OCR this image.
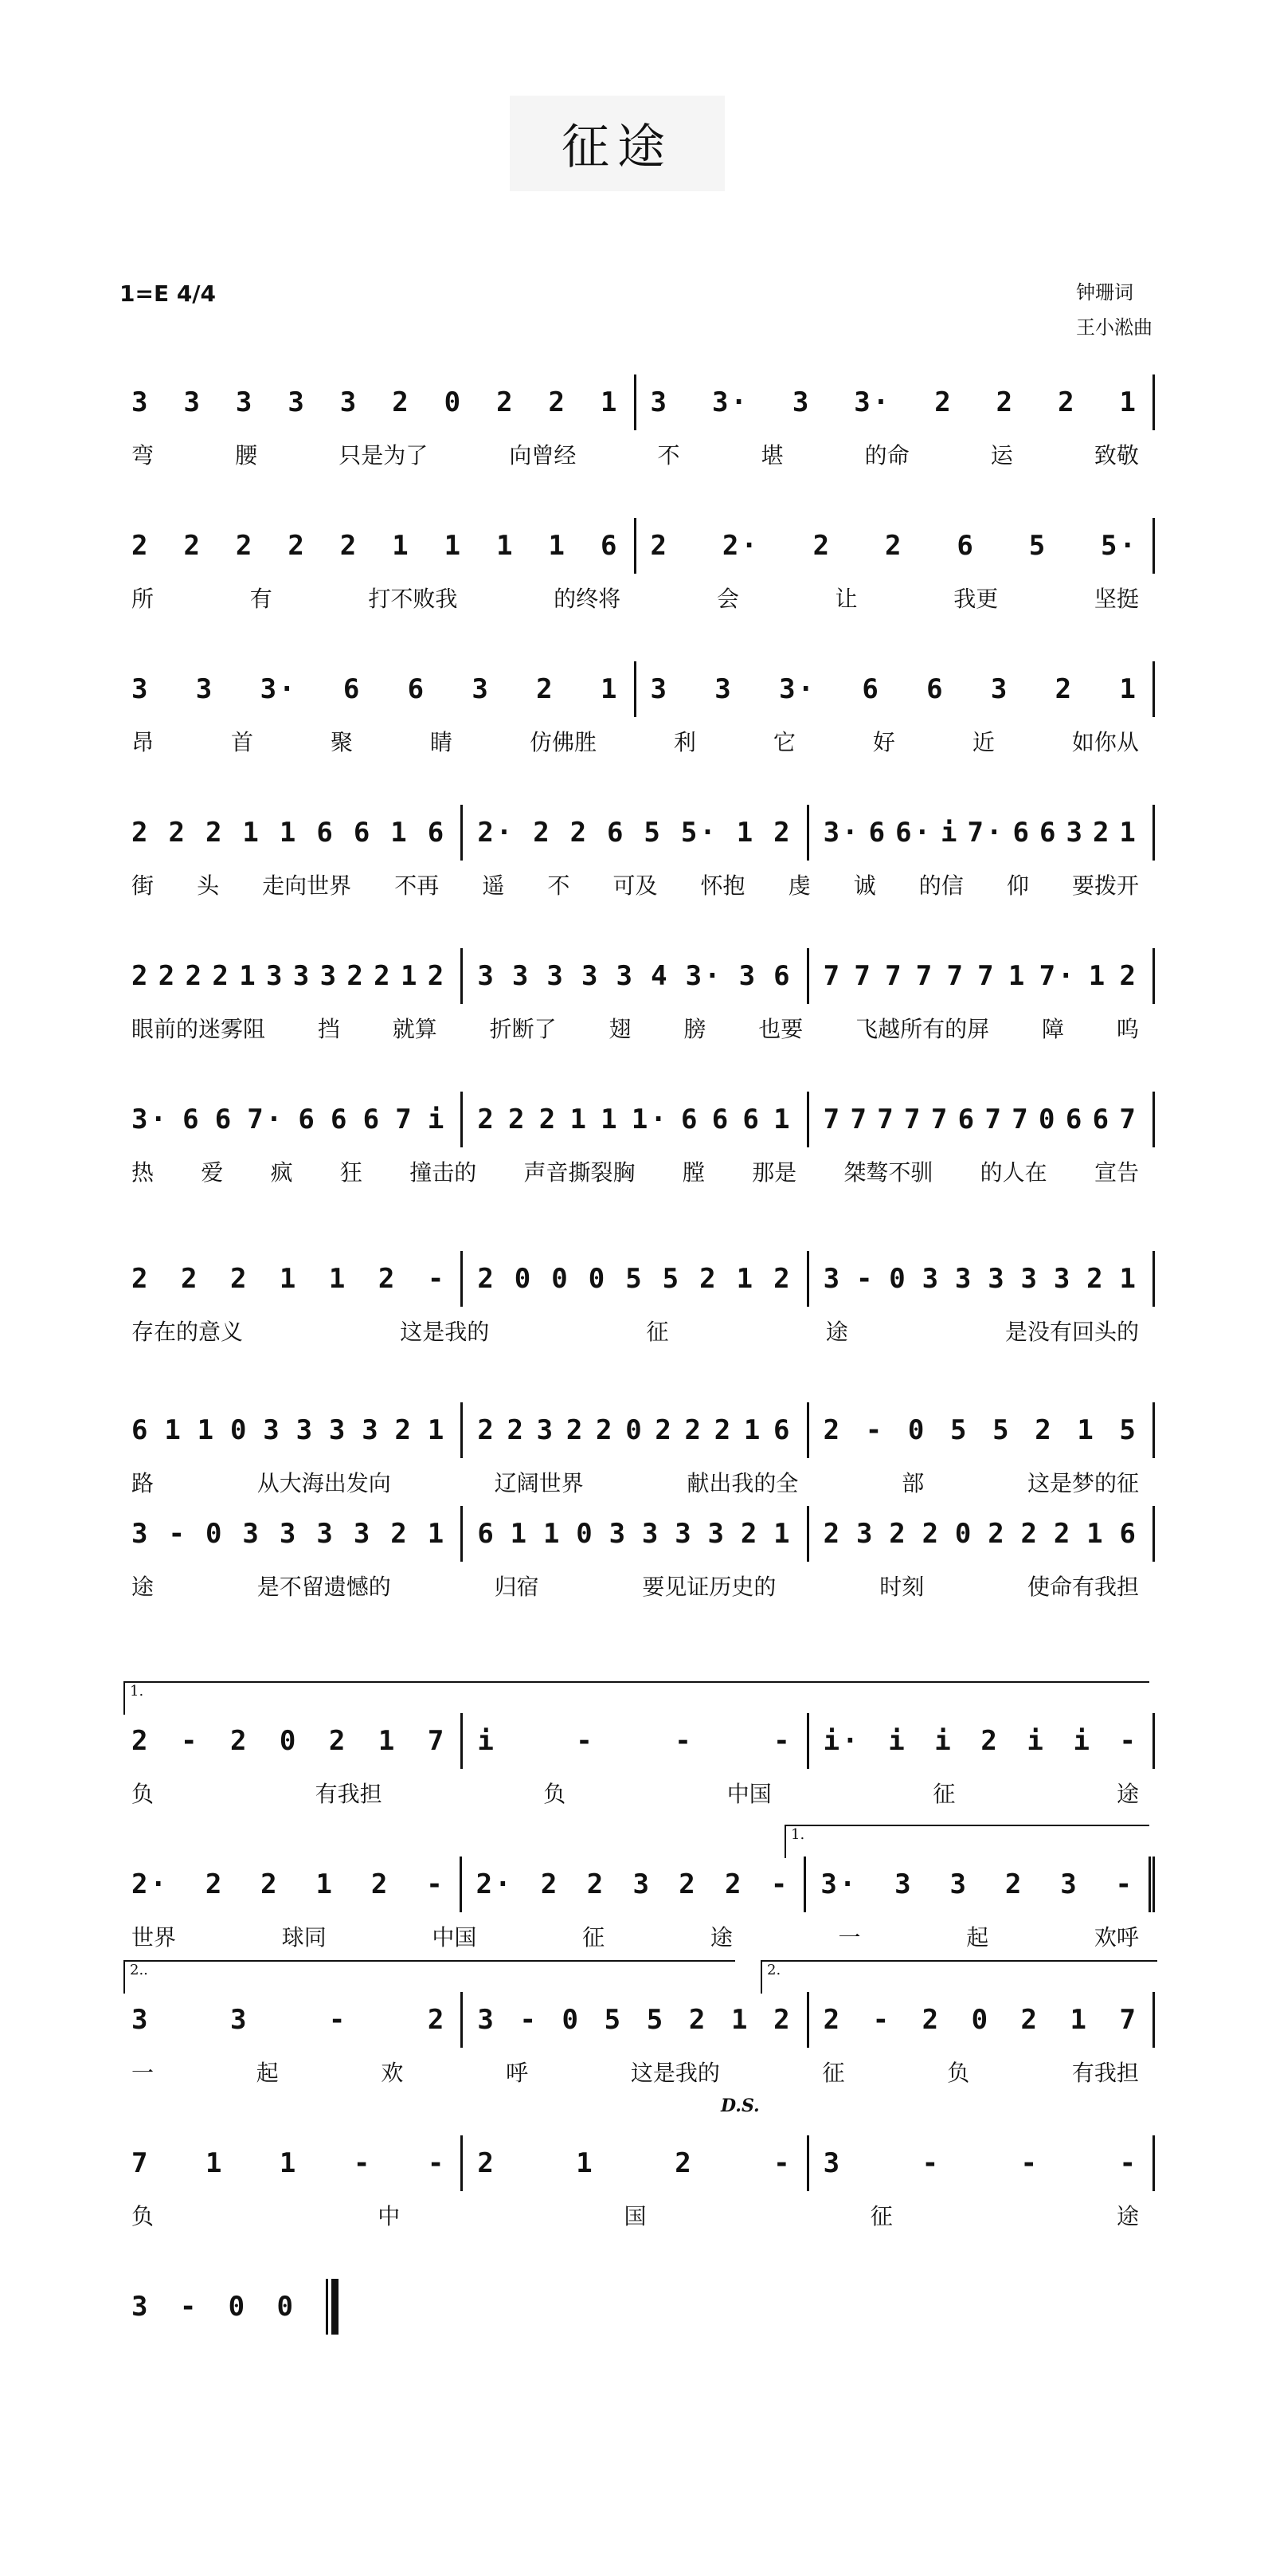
征途
1=E 4/4	钟珊词
王小淞曲
3 3 3 3 3 2 0 2 2 1 3 3· 3 3· 2 2 2 1
弯	腰	只是为了	向曾经	不	堪	的命	运	致敬
2 2 2 2 2 1 1 1 1 6 2 2· 2 2 6 5 5·
所	有	打不败我	的终将	会	让	我更	坚挺
3 3 3· 6 6 3 2 1 3 3 3· 6 6 3 2 1
昂	首	聚	睛	仿佛胜	利	它	好	近	如你从
2 2 2 1 1 6 6 1 6 2· 2 2 6 5 5· 1 2 3· 6 6· i 7· 6 6 3 2 1
街 头 走向世界 不再 遥 不 可及 怀抱 虔 诚 的信 仰 要拨开
2 2 2 2 1 3 3 3 2 2 1 2 3 3 3 3 3 4 3· 3 6 7 7 7 7 7 7 1 7· 1 2
眼前的迷雾阻 挡 就算 折断了 翅 膀 也要 飞越所有的屏 障 呜
3· 6 6 7· 6 6 6 7 i 2 2 2 1 1 1· 6 6 6 1 7 7 7 7 7 6 7 7 0 6 6 7
热 爱 疯 狂 撞击的 声音撕裂胸 膛 那是 桀骜不驯 的人在 宣告
2 2 2 1 1 2 - 2 0 0 0 5 5 2 1 2 3 - 0 3 3 3 3 3 2 1
存在的意义	这是我的	征	途	是没有回头的
6 1 1 0 3 3 3 3 2 1 2 2 3 2 2 0 2 2 2 1 6 2 - 0 5 5 2 1 5
路	从大海出发向	辽阔世界	献出我的全	部	这是梦的征
3 - 0 3 3 3 3 2 1 6 1 1 0 3 3 3 3 2 1 2 3 2 2 0 2 2 2 1 6
途	是不留遗憾的	归宿	要见证历史的	时刻	使命有我担
1.
2 - 2 0 2 1 7 i	-	-	- i· i i 2 i i -
负	有我担	负	中国	征	途
1.
2· 2 2 1 2 - 2· 2 2 3 2 2 - 3· 3 3 2 3 -
世界	球同	中国	征	途	一	起	欢呼
2..	2.
3	3	-	2 3 - 0 5 5 2 1 2 2 - 2 0 2 1 7
一	起	欢	呼	这是我的	征	负	有我担
D.S.
7 1 1 - - 2	1	2	- 3	-	-	-
负	中	国	征	途
3 - 0 0
